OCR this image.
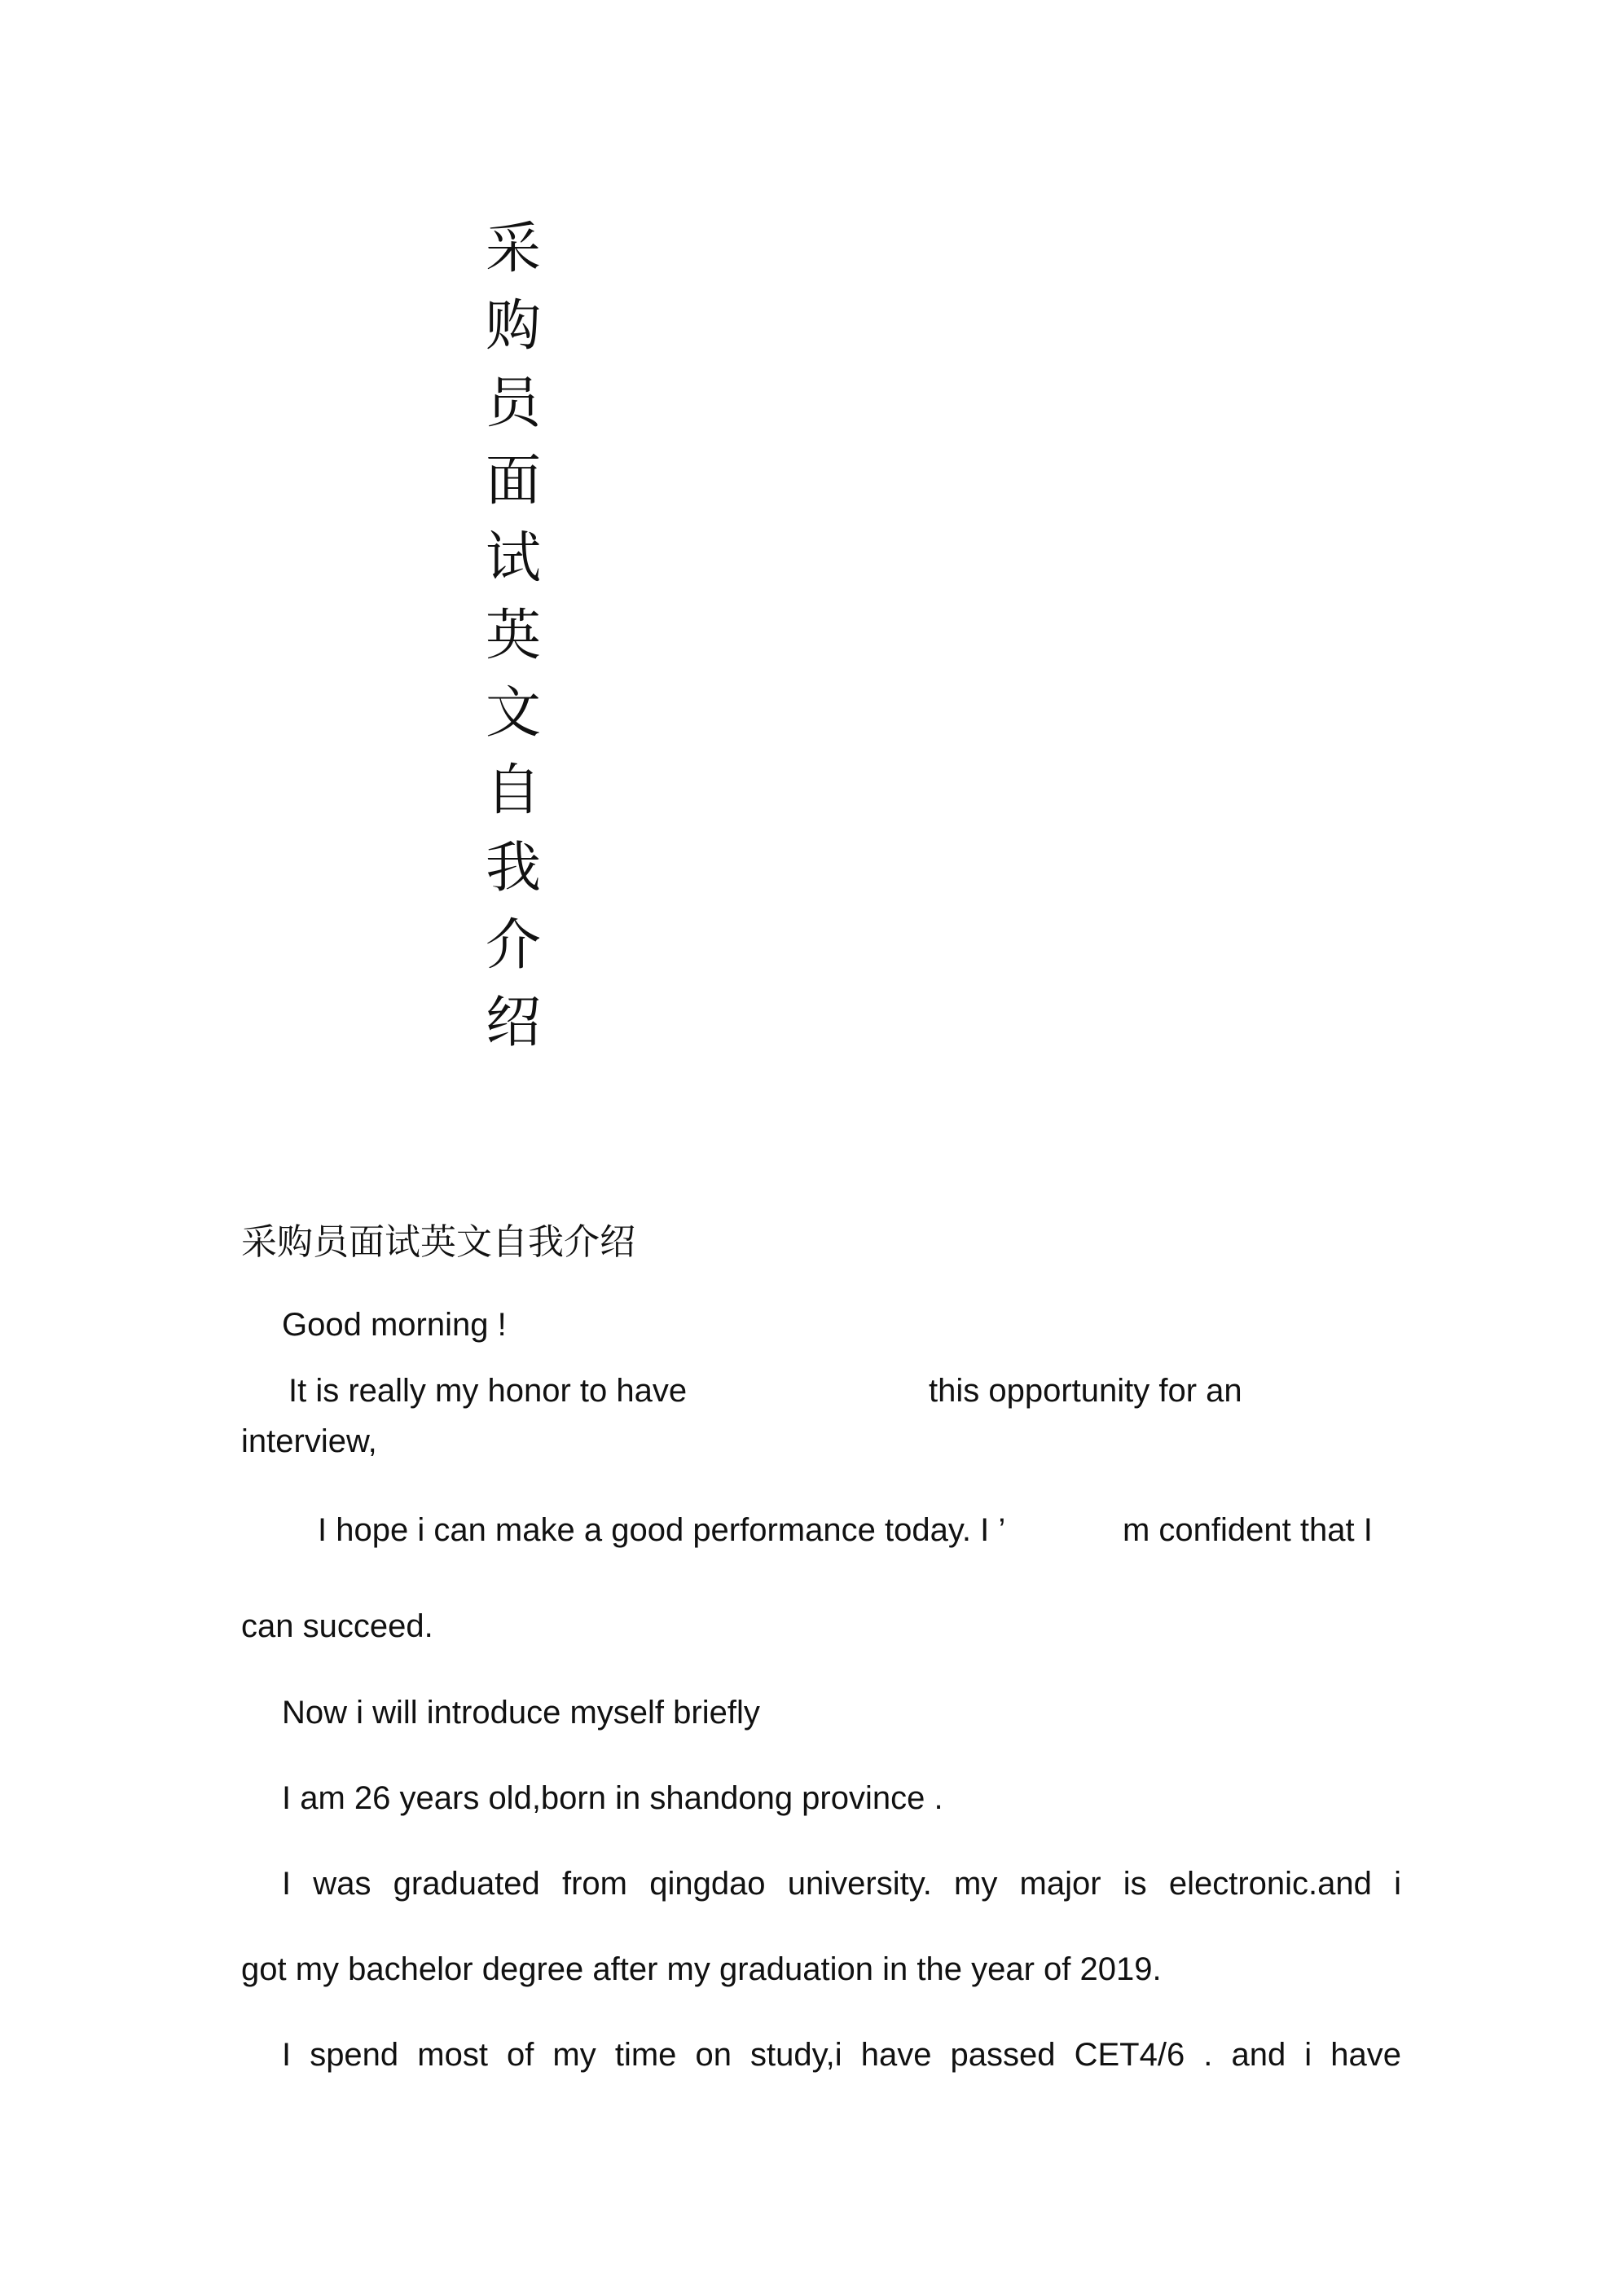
采
购
员
面
试
英
文
自
我
介
绍
采购员面试英文自我介绍
Good morning !
It is really my honor to have	this opportunity for an
interview,
I hope i can make a good performance today. I ’	m confident that I
can succeed.
Now i will introduce myself briefly
I am 26 years old,born in shandong province .
I was graduated from qingdao university. my major is electronic.and i
got my bachelor degree after my graduation in the year of 2019.
I spend most of my time on study,i have passed CET4/6 . and i have
